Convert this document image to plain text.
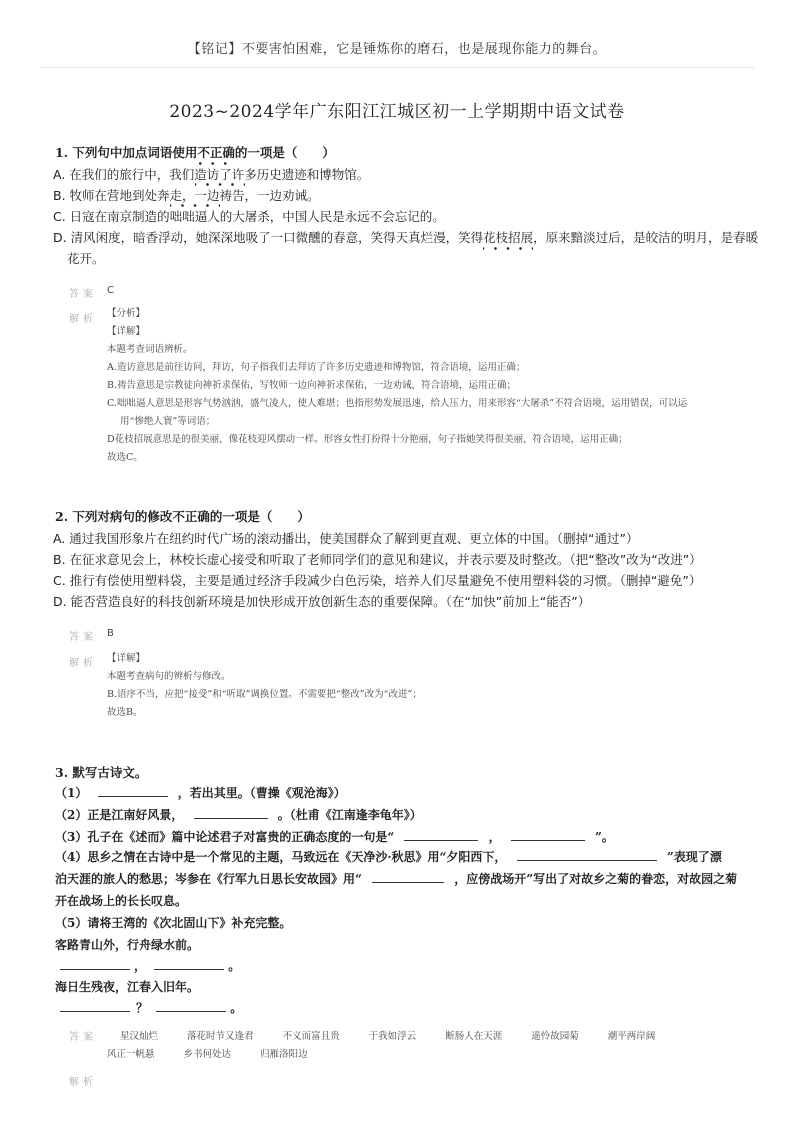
【铭记】不要害怕困难，它是锤炼你的磨石，也是展现你能力的舞台。
2023~2024学年广东阳江江城区初一上学期期中语文试卷
1. 下列句中加点词语使用不正确的一项是（　　）
A. 在我们的旅行中，我们造访了许多历史遗迹和博物馆。
B. 牧师在营地到处奔走，一边祷告，一边劝诫。
C. 日寇在南京制造的咄咄逼人的大屠杀，中国人民是永远不会忘记的。
D. 清风闲度，暗香浮动，她深深地吸了一口微醺的春意，笑得天真烂漫，笑得花枝招展，原来黯淡过后，是皎洁的明月，是春暖
花开。
答案 C
解析
【分析】
【详解】
本题考查词语辨析。
A.造访意思是前往访问，拜访，句子指我们去拜访了许多历史遗迹和博物馆，符合语境，运用正确；
B.祷告意思是宗教徒向神祈求保佑，写牧师一边向神祈求保佑，一边劝诫，符合语境，运用正确；
C.咄咄逼人意思是形容气势汹汹，盛气凌人，使人难堪；也指形势发展迅速，给人压力，用来形容“大屠杀”不符合语境，运用错误，可以运用“惨绝人寰”等词语；
D花枝招展意思是的很美丽，像花枝迎风摆动一样。形容女性打扮得十分艳丽，句子指她笑得很美丽，符合语境，运用正确；
故选C。
2. 下列对病句的修改不正确的一项是（　　）
A. 通过我国形象片在纽约时代广场的滚动播出，使美国群众了解到更直观、更立体的中国。（删掉“通过”）
B. 在征求意见会上，林校长虚心接受和听取了老师同学们的意见和建议，并表示要及时整改。（把“整改”改为“改进”）
C. 推行有偿使用塑料袋，主要是通过经济手段减少白色污染，培养人们尽量避免不使用塑料袋的习惯。（删掉“避免”）
D. 能否营造良好的科技创新环境是加快形成开放创新生态的重要保障。（在“加快”前加上“能否”）
答案 B
解析 【详解】
本题考查病句的辨析与修改。
B.语序不当，应把“接受”和“听取”调换位置。不需要把“整改”改为“改进”；
故选B。
3. 默写古诗文。
（1）	，若出其里。（曹操《观沧海》）
（2）正是江南好风景，	。（杜甫《江南逢李龟年》）
（3）孔子在《述而》篇中论述君子对富贵的正确态度的一句是“	，	”。
（4）思乡之情在古诗中是一个常见的主题，马致远在《天净沙·秋思》用“夕阳西下，	”表现了漂
泊天涯的旅人的愁思；岑参在《行军九日思长安故园》用“	，应傍战场开”写出了对故乡之菊的眷恋，对故园之菊
开在战场上的长长叹息。
（5）请将王湾的《次北固山下》补充完整。
客路青山外，行舟绿水前。
，	。
海日生残夜，江春入旧年。
？	。
答案 星汉灿烂	落花时节又逢君	不义而富且贵	于我如浮云	断肠人在天涯	遥怜故园菊	潮平两岸阔
风正一帆悬	乡书何处达	归雁洛阳边
解析
